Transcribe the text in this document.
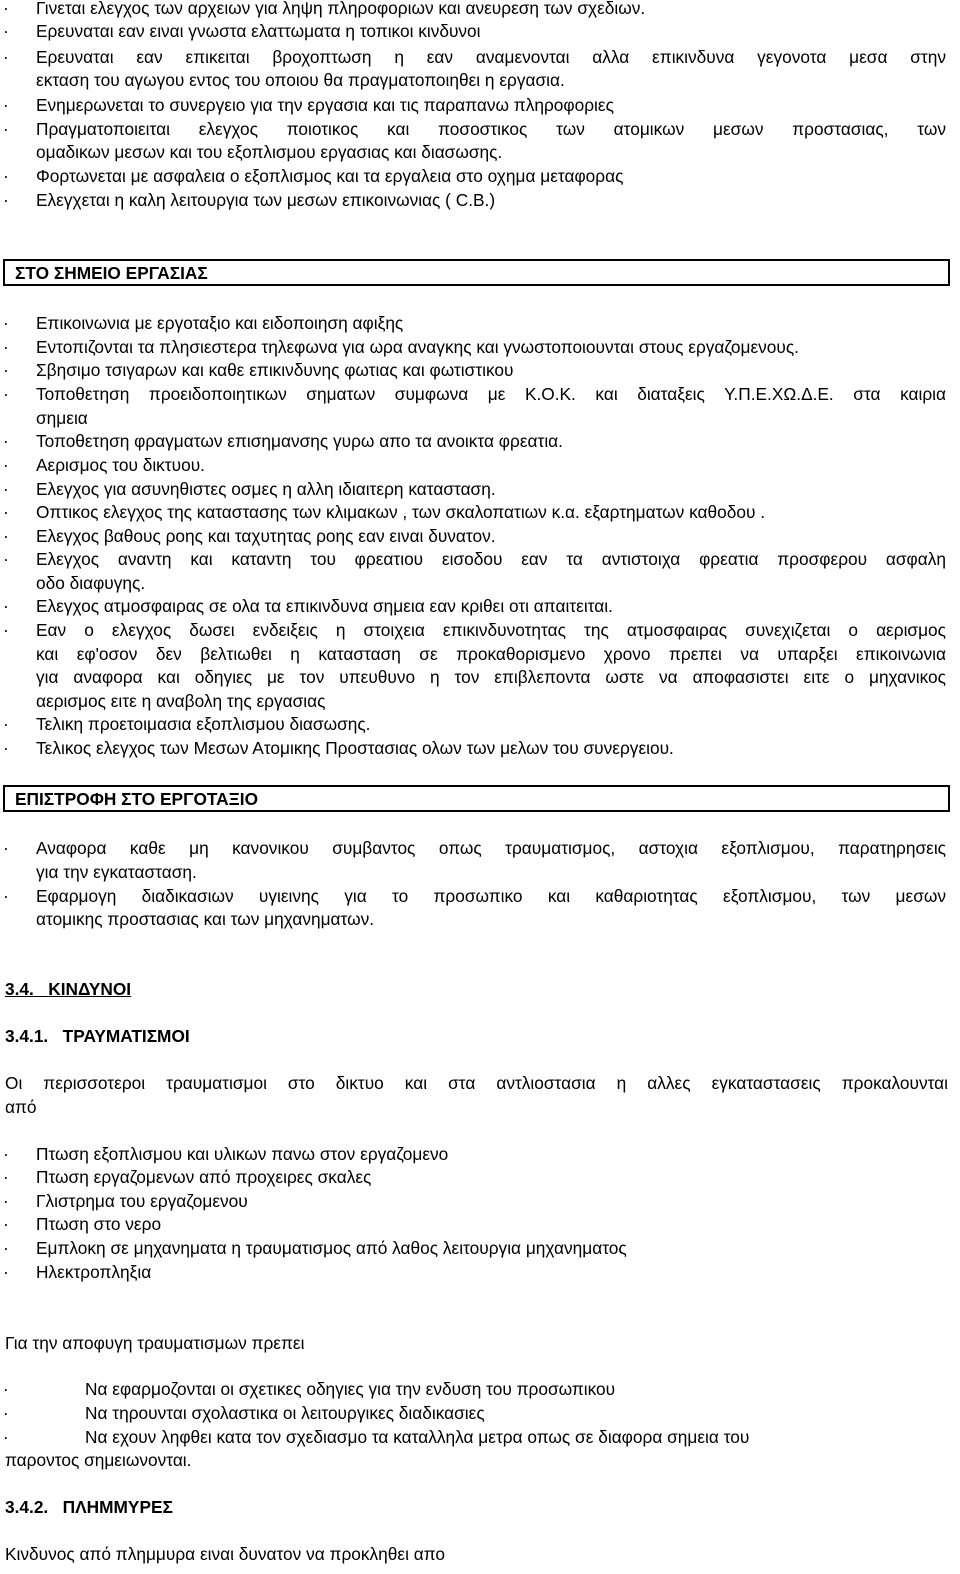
· Γινεται ελεγχος των αρχειων για ληψη πληροφοριων και ανευρεση των σχεδιων.
· Ερευναται εαν ειναι γνωστα ελαττωματα η τοπικοι κινδυνοι
· Ερευναται εαν επικειται βροχοπτωση η εαν αναμενονται αλλα επικινδυνα γεγονοτα μεσα στην
εκταση του αγωγου εντος του οποιου θα πραγματοποιηθει η εργασια.
· Ενημερωνεται το συνεργειο για την εργασια και τις παραπανω πληροφοριες
· Πραγματοποιειται ελεγχος ποιοτικος και ποσοστικος των ατομικων μεσων προστασιας, των
ομαδικων μεσων και του εξοπλισμου εργασιας και διασωσης.
· Φορτωνεται με ασφαλεια ο εξοπλισμος και τα εργαλεια στο οχημα μεταφορας
· Ελεγχεται η καλη λειτουργια των μεσων επικοινωνιας ( C.B.)
ΣΤΟ ΣΗΜΕΙΟ ΕΡΓΑΣΙΑΣ
· Επικοινωνια με εργοταξιο και ειδοποιηση αφιξης
· Εντοπιζονται τα πλησιεστερα τηλεφωνα για ωρα αναγκης και γνωστοποιουνται στους εργαζομενους.
· Σβησιμο τσιγαρων και καθε επικινδυνης φωτιας και φωτιστικου
· Τοποθετηση προειδοποιητικων σηματων συμφωνα με Κ.Ο.Κ. και διαταξεις Υ.Π.Ε.ΧΩ.Δ.Ε. στα καιρια
σημεια
· Τοποθετηση φραγματων επισημανσης γυρω απο τα ανοικτα φρεατια.
· Αερισμος του δικτυου.
· Ελεγχος για ασυνηθιστες οσμες η αλλη ιδιαιτερη κατασταση.
· Οπτικος ελεγχος της καταστασης των κλιμακων , των σκαλοπατιων κ.α. εξαρτηματων καθοδου .
· Ελεγχος βαθους ροης και ταχυτητας ροης εαν ειναι δυνατον.
· Ελεγχος αναντη και καταντη του φρεατιου εισοδου εαν τα αντιστοιχα φρεατια προσφερου ασφαλη
οδο διαφυγης.
· Ελεγχος ατμοσφαιρας σε ολα τα επικινδυνα σημεια εαν κριθει οτι απαιτειται.
· Εαν ο ελεγχος δωσει ενδειξεις η στοιχεια επικινδυνοτητας της ατμοσφαιρας συνεχιζεται ο αερισμος
και εφ'οσον δεν βελτιωθει η κατασταση σε προκαθορισμενο χρονο πρεπει να υπαρξει επικοινωνια
για αναφορα και οδηγιες με τον υπευθυνο η τον επιβλεποντα ωστε να αποφασιστει ειτε ο μηχανικος
αερισμος ειτε η αναβολη της εργασιας
· Τελικη προετοιμασια εξοπλισμου διασωσης.
· Τελικος ελεγχος των Μεσων Ατομικης Προστασιας ολων των μελων του συνεργειου.
ΕΠΙΣΤΡΟΦΗ ΣΤΟ ΕΡΓΟΤΑΞΙΟ
· Αναφορα καθε μη κανονικου συμβαντος οπως τραυματισμος, αστοχια εξοπλισμου, παρατηρησεις
για την εγκατασταση.
· Εφαρμογη διαδικασιων υγιεινης για το προσωπικο και καθαριοτητας εξοπλισμου, των μεσων
ατομικης προστασιας και των μηχανηματων.
3.4. ΚΙΝΔΥΝΟΙ
3.4.1. ΤΡΑΥΜΑΤΙΣΜΟΙ
Οι περισσοτεροι τραυματισμοι στο δικτυο και στα αντλιοστασια η αλλες εγκαταστασεις προκαλουνται
από
· Πτωση εξοπλισμου και υλικων πανω στον εργαζομενο
· Πτωση εργαζομενων από προχειρες σκαλες
· Γλιστρημα του εργαζομενου
· Πτωση στο νερο
· Εμπλοκη σε μηχανηματα η τραυματισμος από λαθος λειτουργια μηχανηματος
· Ηλεκτροπληξια
Για την αποφυγη τραυματισμων πρεπει
·	Να εφαρμοζονται οι σχετικες οδηγιες για την ενδυση του προσωπικου
·	Να τηρουνται σχολαστικα οι λειτουργικες διαδικασιες
·	Να εχουν ληφθει κατα τον σχεδιασμο τα καταλληλα μετρα οπως σε διαφορα σημεια του
παροντος σημειωνονται.
3.4.2. ΠΛΗΜΜΥΡΕΣ
Κινδυνος από πλημμυρα ειναι δυνατον να προκληθει απο
